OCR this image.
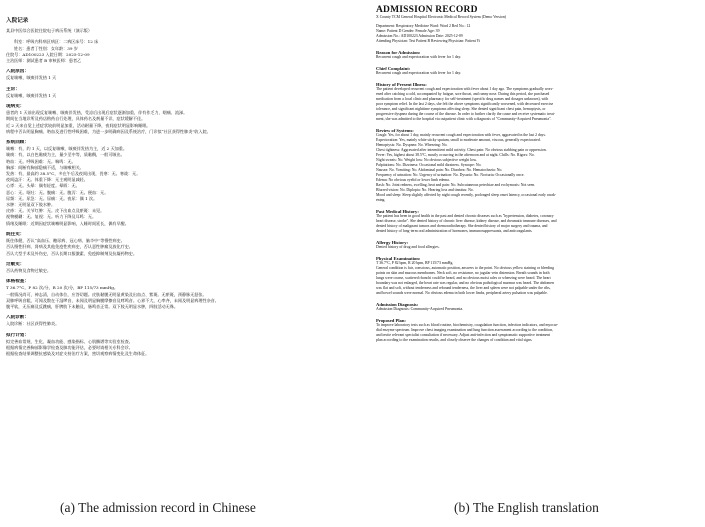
入院记录
某县中医综合医院住院电子病历系统（演示版）
科室：呼吸内科病区病区：二病区床号：12 床
姓名：患者丁性别：女年龄：39 岁
住院号：AD100223 入院日期：2025-12-09
主治医师：测试患者 B 审核医师：患者乙
入院原因：
反复咳嗽、咳痰伴发热 1 天
主诉：
反复咳嗽、咳痰伴发热 1 天
现病史：
患者约 1 天前出现反复咳嗽、咳痰伴发热，受凉后出现后症状逐渐加重，伴有作乏力、咽痛、流涕。
期间在当地诊所及药店购药自行处理，具体药名及剂量不详，症状缓解不佳。
近 2 天来自觉上述症状较前明显加重，活动耐量下降，夜间症状明显影响睡眠。
病程中否认明显胸痛、咯血及进行性呼吸困难，为进一步明确病因及系统治疗，门诊拟“社区获得性肺炎”收入院。
系统回顾：
咳嗽：有，约 1 天，以反复咳嗽、咳痰伴发热为主，近 2 天加重。
咳痰：有，以白色黏痰为主，量少至中等，质黏稠，一般可咳出。
咯血：无。呼吸困难：无。喘鸣：无。
胸部：间断有胸部隐痛不适，与咳嗽相关。
发热：有，最高约 38.5°C，多在午后及夜间出现，畏寒：无。寒战：无。
夜间盗汗：无。体重下降：无主观明显减轻。
心悸：无。头晕：偶有轻度。晕厥：无。
恶心：无。呕吐：无。腹痛：无。腹泻：无。便血：无。
尿频：无。尿急：无。尿痛：无。夜尿：偶 1 次。
水肿：无明显双下肢水肿。
皮疹：无。关节红肿：无。皮下出血点及瘀斑：未见。
视物模糊：无。复视：无。听力下降及耳鸣：无。
情绪及睡眠：近期因症状咳嗽明显影响，入睡时间延长，偶有早醒。
既往史：
既往体健，否认“高血压、糖尿病、冠心病、脑卒中”等慢性病史。
否认慢性肝病、肾病及其他免疫性疾病史，否认恶性肿瘤及放化疗史。
否认大型手术及外伤史，否认长期口服激素、免疫抑制剂及抗凝药物史。
过敏史：
否认药物及食物过敏史。
体格检查：
T 36.7°C，P 82 次/分，R 20 次/分，BP 115/73 mmHg。
一般情况尚可，神志清，自动体位，应答切题。皮肤黏膜无明显黄染及出血点、紫斑。无瘀斑，颈静脉无怒张。
双肺呼吸音粗，可闻及散在干湿啰音，未闻及明显胸膜摩擦音及哮鸣音。心界不大，心率齐，未闻及明显病理性杂音。
腹平软，无压痛及反跳痛，肝脾肋下未触及，肠鸣音正常。双下肢无明显水肿，四肢活动无殊。
入院诊断：
入院诊断：社区获得性肺炎。
拟行计划：
拟完善血常规、生化、凝血功能、感染指标、心肌酶谱等实验室检查。
根据病情完善胸部影像学检查及肺功能评估，必要时请相关专科会诊。
根据检查结果调整抗感染及对症支持治疗方案，密切观察病情变化及生命体征。
ADMISSION RECORD
X County TCM General Hospital Electronic Medical Record System (Demo Version)
Department: Respiratory Medicine Ward: Ward 2 Bed No.: 12
Name: Patient D Gender: Female Age: 39
Admission No.: AD100223 Admission Date: 2025-12-09
Attending Physician: Test Patient B Reviewing Physician: Patient Yi
Reason for Admission:
Recurrent cough and expectoration with fever for 1 day.
Chief Complaint:
Recurrent cough and expectoration with fever for 1 day.
History of Present Illness:
The patient developed recurrent cough and expectoration with fever about 1 day ago. The symptoms gradually wors-
ened after catching a cold, accompanied by fatigue, sore throat, and runny nose. During this period, she purchased
medication from a local clinic and pharmacy for self-treatment (specific drug names and dosages unknown), with
poor symptom relief. In the last 2 days, she felt the above symptoms significantly worsened, with decreased exercise
tolerance, and significant nighttime symptoms affecting sleep. She denied significant chest pain, hemoptysis, or
progressive dyspnea during the course of the disease. In order to further clarify the cause and receive systematic treat-
ment, she was admitted to the hospital via outpatient clinic with a diagnosis of "Community-Acquired Pneumonia".
Review of Systems:
Cough: Yes, for about 1 day, mainly recurrent cough and expectoration with fever, aggravated in the last 2 days.
Expectoration: Yes, mainly white sticky sputum, small to moderate amount, viscous, generally expectorated.
Hemoptysis: No. Dyspnea: No. Wheezing: No.
Chest tightness: Aggravated after intermittent mild activity. Chest pain: No obvious stabbing pain or oppression.
Fever: Yes, highest about 38.5°C, mostly occurring in the afternoon and at night. Chills: No. Rigors: No.
Night sweats: No. Weight loss: No obvious subjective weight loss.
Palpitations: No. Dizziness: Occasional mild dizziness. Syncope: No.
Nausea: No. Vomiting: No. Abdominal pain: No. Diarrhea: No. Hematochezia: No.
Frequency of urination: No. Urgency of urination: No. Dysuria: No. Nocturia: Occasionally once.
Edema: No obvious eyelid or lower limb edema.
Rash: No. Joint redness, swelling, heat and pain: No. Subcutaneous petechiae and ecchymosis: Not seen.
Blurred vision: No. Diplopia: No. Hearing loss and tinnitus: No.
Mood and sleep: Sleep slightly affected by night cough recently, prolonged sleep onset latency, occasional early awak-
ening.
Past Medical History:
The patient has been in good health in the past and denied chronic diseases such as "hypertension, diabetes, coronary
heart disease, stroke". She denied history of chronic liver disease, kidney disease, and rheumatic immune diseases, and
denied history of malignant tumors and chemoradiotherapy. She denied history of major surgery and trauma, and
denied history of long-term oral administration of hormones, immunosuppressants, and anticoagulants.
Allergy History:
Denied history of drug and food allergies.
Physical Examination:
T 36.7°C, P 82 bpm, R 20 bpm, BP 115/73 mmHg.
General condition is fair, conscious, automatic position, answers to the point. No obvious yellow staining or bleeding
points on skin and mucous membranes. Neck soft, no resistance, no jugular vein distension. Breath sounds in both
lungs were coarse, scattered rhonchi could be heard, and no obvious moist rales or wheezing were heard. The heart
boundary was not enlarged, the heart rate was regular, and no obvious pathological murmur was heard. The abdomen
was flat and soft, without tenderness and rebound tenderness, the liver and spleen were not palpable under the ribs,
and bowel sounds were normal. No obvious edema in both lower limbs, peripheral artery pulsation was palpable.
Admission Diagnosis:
Admission Diagnosis: Community-Acquired Pneumonia.
Proposed Plan:
To improve laboratory tests such as blood routine, biochemistry, coagulation function, infection indicators, and myocar-
dial enzyme spectrum. Improve chest imaging examination and lung function assessment according to the condition,
and invite relevant specialist consultation if necessary. Adjust anti-infection and symptomatic supportive treatment
plan according to the examination results, and closely observe the changes of condition and vital signs.
(a) The admission record in Chinese	(b) The English translation
